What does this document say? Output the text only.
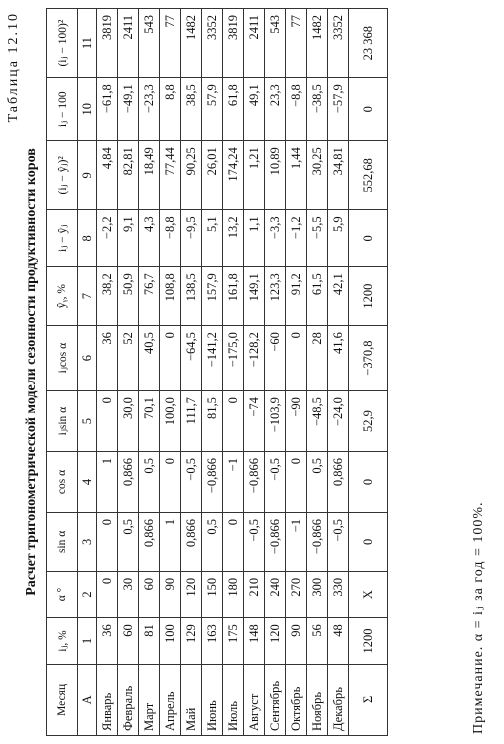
Таблица 12.10
Расчет тригонометрической модели сезонности продуктивности коров
Месяц	iⱼ, %	α °	sin α	cos α	iⱼsin α	iⱼcos α	ŷᵧ, %	iⱼ − ŷⱼ	(iⱼ − ŷⱼ)²	iⱼ − 100	(iⱼ − 100)²
А	1	2	3	4	5	6	7	8	9	10	11
Январь	36	0	0	1	0	36	38,2	−2,2	4,84	−61,8	3819
Февраль	60	30	0,5	0,866	30,0	52	50,9	9,1	82,81	−49,1	2411
Март	81	60	0,866	0,5	70,1	40,5	76,7	4,3	18,49	−23,3	543
Апрель	100	90	1	0	100,0	0	108,8	−8,8	77,44	8,8	77
Май	129	120	0,866	−0,5	111,7	−64,5	138,5	−9,5	90,25	38,5	1482
Июнь	163	150	0,5	−0,866	81,5	−141,2	157,9	5,1	26,01	57,9	3352
Июль	175	180	0	−1	0	−175,0	161,8	13,2	174,24	61,8	3819
Август	148	210	−0,5	−0,866	−74	−128,2	149,1	1,1	1,21	49,1	2411
Сентябрь	120	240	−0,866	−0,5	−103,9	−60	123,3	−3,3	10,89	23,3	543
Октябрь	90	270	−1	0	−90	0	91,2	−1,2	1,44	−8,8	77
Ноябрь	56	300	−0,866	0,5	−48,5	28	61,5	−5,5	30,25	−38,5	1482
Декабрь	48	330	−0,5	0,866	−24,0	41,6	42,1	5,9	34,81	−57,9	3352
Σ	1200	X	0	0	52,9	−370,8	1200	0	552,68	0	23 368
Примечание. α = iⱼ за год = 100%.
